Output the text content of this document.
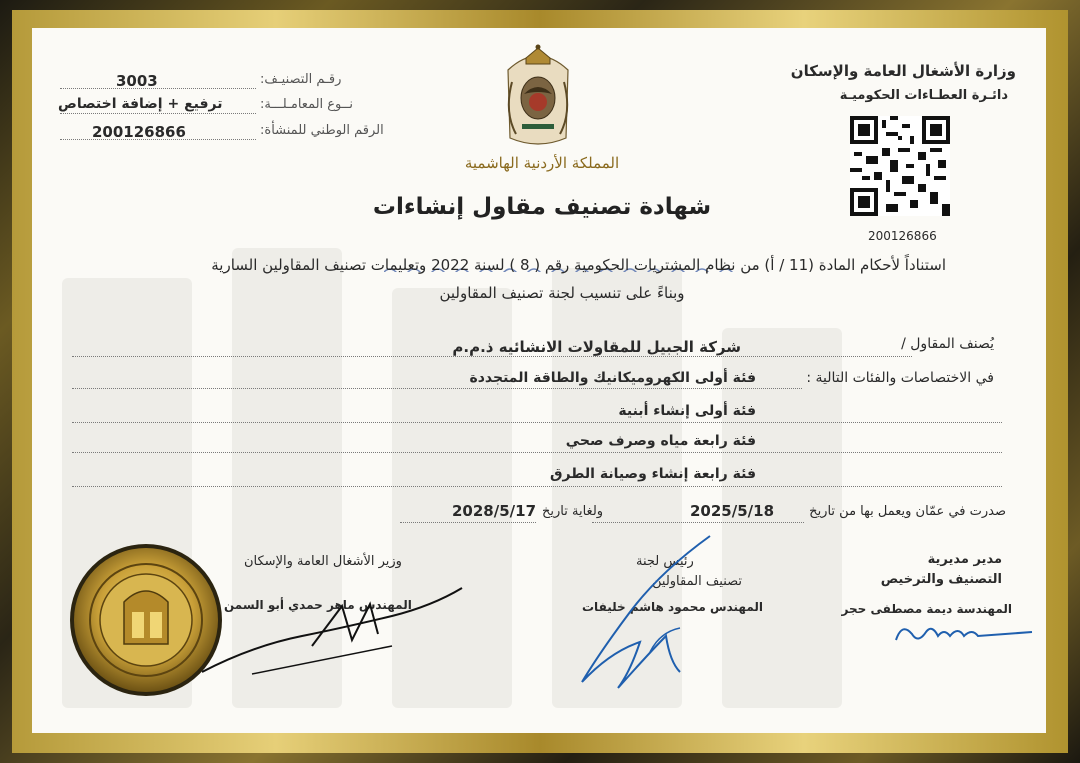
وزارة الأشغال العامة والإسكان
دائـرة العطـاءات الحكوميـة
200126866
المملكة الأردنية الهاشمية
رقـم التصنيـف:
3003
نــوع المعامـلـــة:
ترفيع + إضافة اختصاص
الرقم الوطني للمنشأة:
200126866
شهادة تصنيف مقاول إنشاءات
استناداً لأحكام المادة (11 / أ) من نظام المشتريات الحكومية رقم ( 8 ) لسنة 2022 وتعليمات تصنيف المقاولين السارية
وبناءً على تنسيب لجنة تصنيف المقاولين
يُصنف المقاول /
شركة الجبيل للمقاولات الانشائيه ذ.م.م
في الاختصاصات والفئات التالية :
فئة أولى الكهروميكانيك والطاقة المتجددة
فئة أولى إنشاء أبنية
فئة رابعة مياه وصرف صحي
فئة رابعة إنشاء وصيانة الطرق
صدرت في عمّان ويعمل بها من تاريخ
2025/5/18
ولغاية تاريخ
2028/5/17
وزير الأشغال العامة والإسكان
المهندس ماهر حمدي أبو السمن
رئيس لجنة
تصنيف المقاولين
المهندس محمود هاشم خليفات
مدير مديرية
التصنيف والترخيص
المهندسة ديمة مصطفى حجر
